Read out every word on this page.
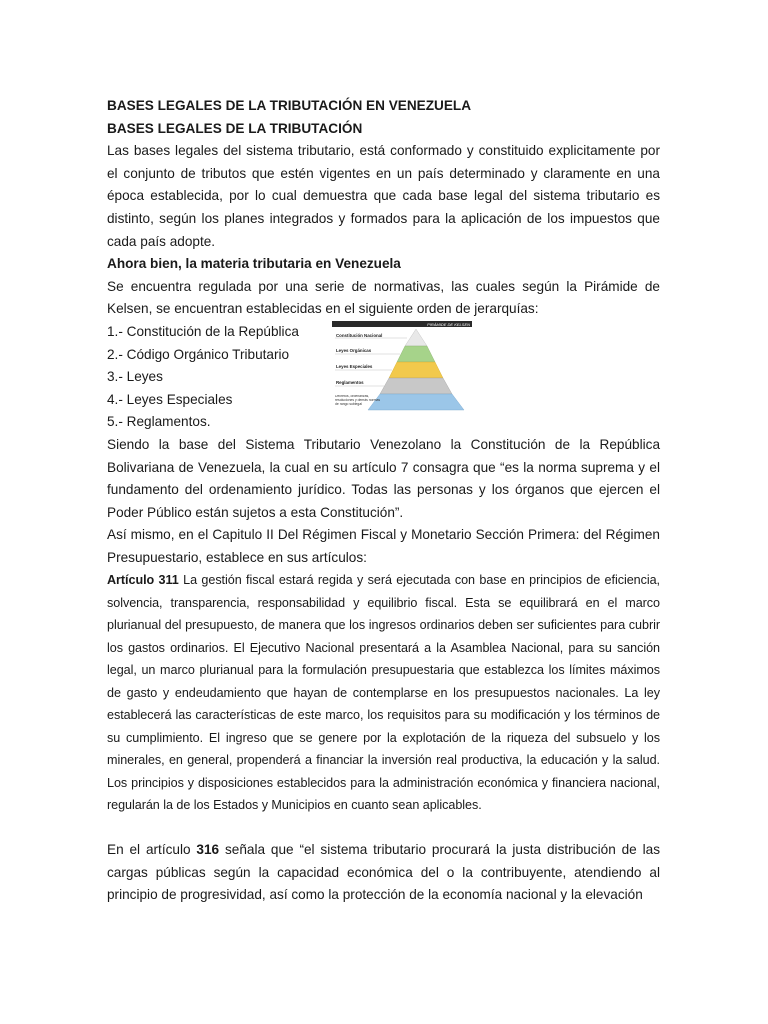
BASES LEGALES DE LA TRIBUTACIÓN EN VENEZUELA
BASES LEGALES DE LA TRIBUTACIÓN
Las bases legales del sistema tributario, está conformado y constituido explicitamente por el conjunto de tributos que estén vigentes en un país determinado y claramente en una época establecida, por lo cual demuestra que cada base legal del sistema tributario es distinto, según los planes integrados y formados para la aplicación de los impuestos que cada país adopte.
Ahora bien, la materia tributaria en Venezuela
Se encuentra regulada por una serie de normativas, las cuales según la Pirámide de Kelsen, se encuentran establecidas en el siguiente orden de jerarquías:
1.- Constitución de la República
2.- Código Orgánico Tributario
3.- Leyes
4.- Leyes Especiales
5.- Reglamentos.
PIRÁMIDE DE KELSEN
Constitución Nacional
Leyes Orgánicas
Leyes Especiales
Reglamentos
Decretos, ordenanzas, resoluciones y demás normas de rango sublegal
Siendo la base del Sistema Tributario Venezolano la Constitución de la República Bolivariana de Venezuela, la cual en su artículo 7 consagra que “es la norma suprema y el fundamento del ordenamiento jurídico. Todas las personas y los órganos que ejercen el Poder Público están sujetos a esta Constitución”.
Así mismo, en el Capitulo II Del Régimen Fiscal y Monetario Sección Primera: del Régimen Presupuestario, establece en sus artículos:
Artículo 311 La gestión fiscal estará regida y será ejecutada con base en principios de eficiencia, solvencia, transparencia, responsabilidad y equilibrio fiscal. Esta se equilibrará en el marco plurianual del presupuesto, de manera que los ingresos ordinarios deben ser suficientes para cubrir los gastos ordinarios. El Ejecutivo Nacional presentará a la Asamblea Nacional, para su sanción legal, un marco plurianual para la formulación presupuestaria que establezca los límites máximos de gasto y endeudamiento que hayan de contemplarse en los presupuestos nacionales. La ley establecerá las características de este marco, los requisitos para su modificación y los términos de su cumplimiento. El ingreso que se genere por la explotación de la riqueza del subsuelo y los minerales, en general, propenderá a financiar la inversión real productiva, la educación y la salud. Los principios y disposiciones establecidos para la administración económica y financiera nacional, regularán la de los Estados y Municipios en cuanto sean aplicables.
En el artículo 316 señala que “el sistema tributario procurará la justa distribución de las cargas públicas según la capacidad económica del o la contribuyente, atendiendo al principio de progresividad, así como la protección de la economía nacional y la elevación
